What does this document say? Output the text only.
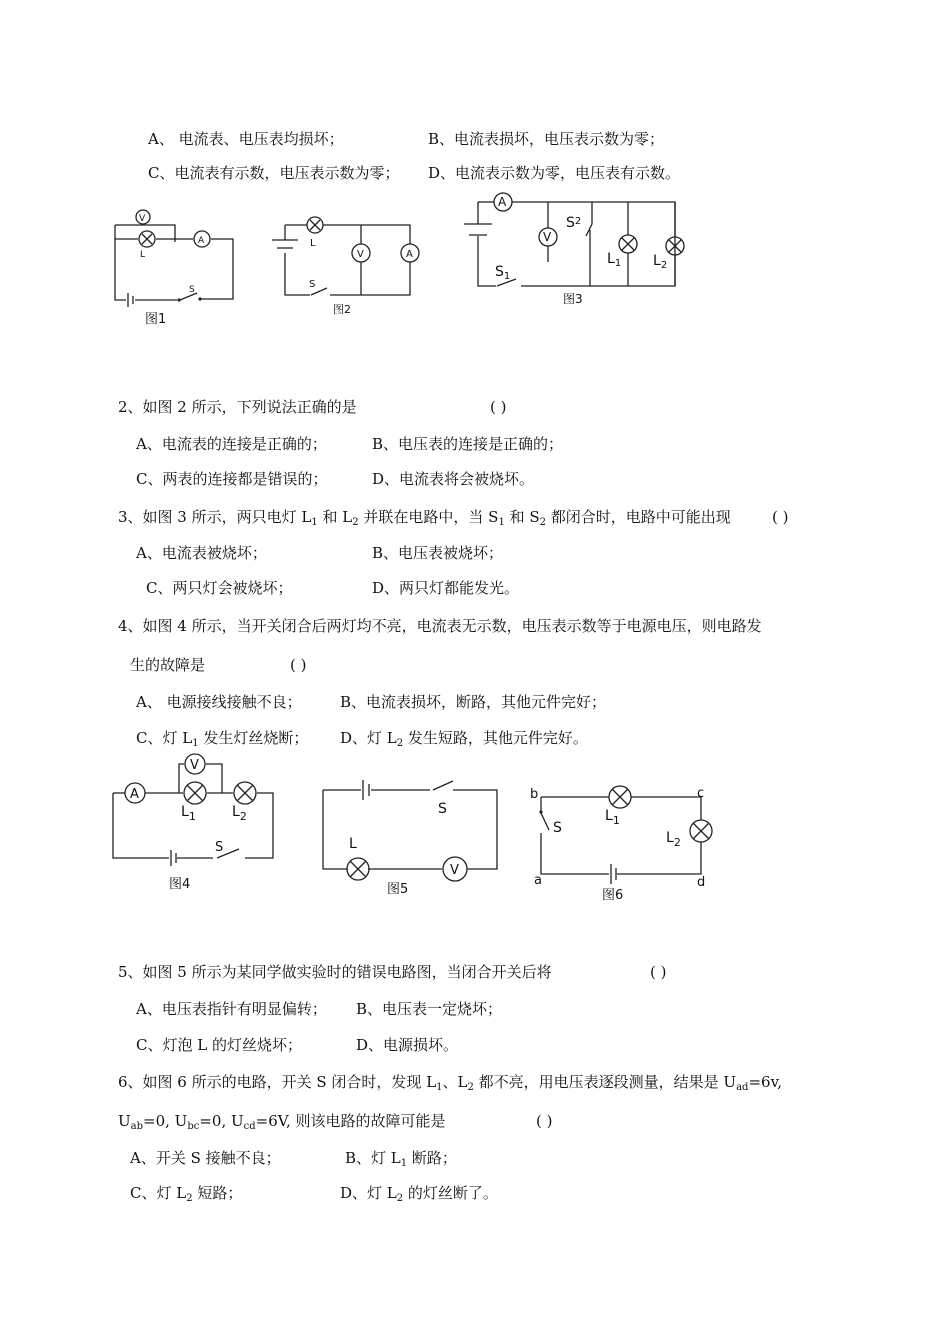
A、 电流表、电压表均损坏；	B、电流表损坏，电压表示数为零；
C、电流表有示数，电压表示数为零； D、电流表示数为零，电压表有示数。
V
A
L
S
图1
L
V	A
S
图2
A
V
$S^2$
$S_1$
$L_1$ $L_2$
图3
2、如图 2 所示，下列说法正确的是	( )
A、电流表的连接是正确的；	B、电压表的连接是正确的；
C、两表的连接都是错误的；	D、电流表将会被烧坏。
3、如图 3 所示，两只电灯 $L_1$ 和 $L_2$ 并联在电路中，当 $S_1$ 和 $S_2$ 都闭合时，电路中可能出现	( )
A、电流表被烧坏；	B、电压表被烧坏；
C、两只灯会被烧坏；	D、两只灯都能发光。
4、如图 4 所示，当开关闭合后两灯均不亮，电流表无示数，电压表示数等于电源电压，则电路发
生的故障是	( )
A、 电源接线接触不良；	B、电流表损坏，断路，其他元件完好；
C、灯 $L_1$ 发生灯丝烧断； D、灯 $L_2$ 发生短路，其他元件完好。
A
V
$L_1$	$L_2$
S
图4
S
L
V
图5
b	c
a	d
S
$L_1$
$L_2$
图6
5、如图 5 所示为某同学做实验时的错误电路图，当闭合开关后将	( )
A、电压表指针有明显偏转； B、电压表一定烧坏；
C、灯泡 L 的灯丝烧坏；	D、电源损坏。
6、如图 6 所示的电路，开关 S 闭合时，发现 $L_1$、$L_2$ 都不亮，用电压表逐段测量，结果是 $U_{ad}=6v$,
$U_{ab}=0$, $U_{bc}=0$, $U_{cd}=6V$, 则该电路的故障可能是	( )
A、开关 S 接触不良；	B、灯 $L_1$ 断路；
C、灯 $L_2$ 短路；	D、灯 $L_2$ 的灯丝断了。
